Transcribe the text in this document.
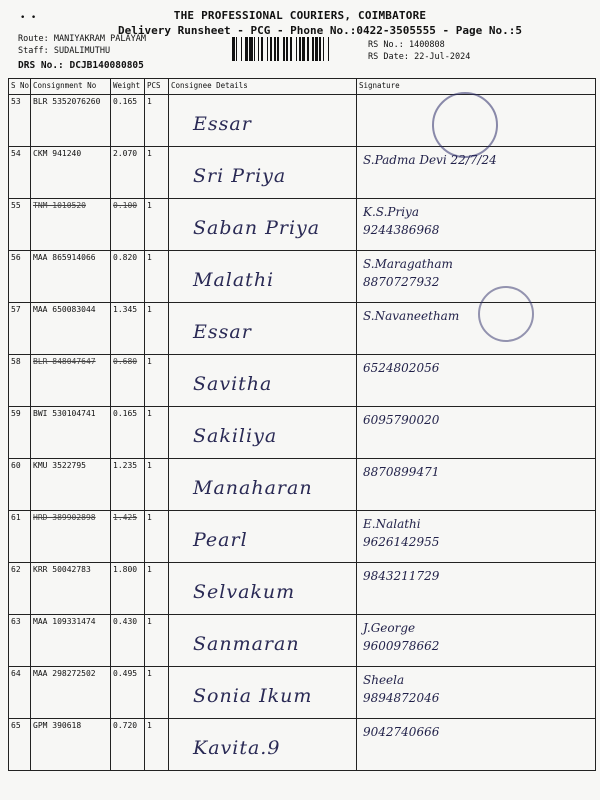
• •	THE PROFESSIONAL COURIERS, COIMBATORE
Delivery Runsheet - PCG - Phone No.:0422-3505555 - Page No.:5
Route: MANIYAKRAM PALAYAM
Staff: SUDALIMUTHU
DRS No.: DCJB140080805
RS No.: 1400808
RS Date: 22-Jul-2024
S No	Consignment No	Weight	PCS	Consignee Details	Signature
53	BLR 5352076260	0.165	1	Essar	

54	CKM 941240	2.070	1	Sri Priya	S.Padma Devi 22/7/24

55	TNM 1010520	0.100	1	Saban Priya	K.S.Priya
9244386968

56	MAA 865914066	0.820	1	Malathi	S.Maragatham
8870727932

57	MAA 650083044	1.345	1	Essar	S.Navaneetham

58	BLR 848047647	0.680	1	Savitha	6524802056

59	BWI 530104741	0.165	1	Sakiliya	6095790020

60	KMU 3522795	1.235	1	Manaharan	8870899471

61	HRD 389902898	1.425	1	Pearl	E.Nalathi
9626142955

62	KRR 50042783	1.800	1	Selvakum	9843211729

63	MAA 109331474	0.430	1	Sanmaran	J.George
9600978662

64	MAA 298272502	0.495	1	Sonia Ikum	Sheela
9894872046

65	GPM 390618	0.720	1	Kavita.9	9042740666
